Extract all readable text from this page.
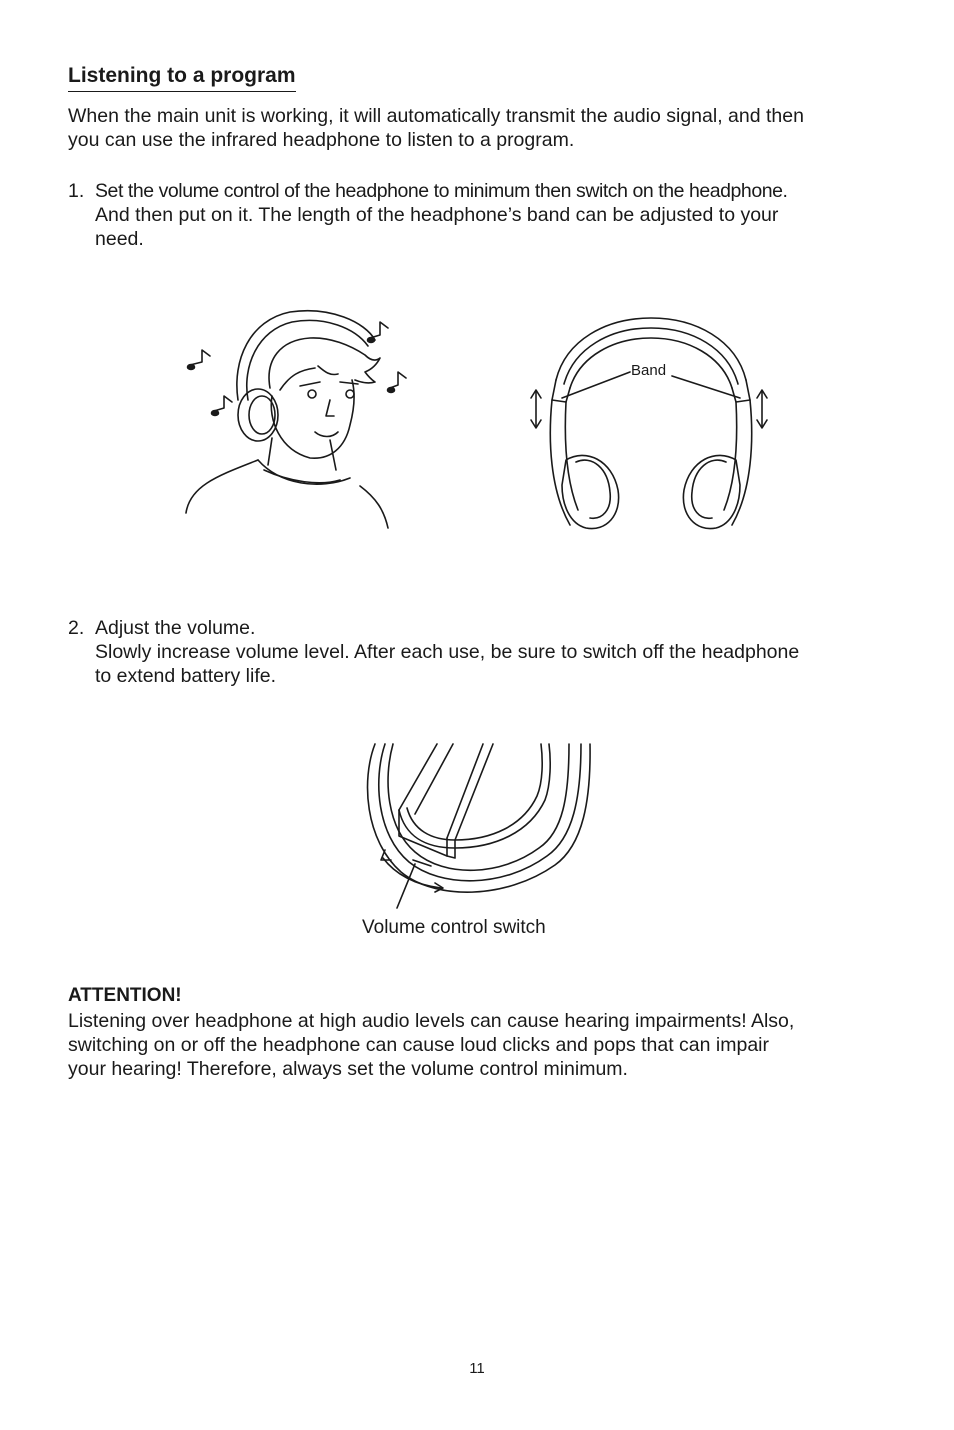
Listening to a program

When the main unit is working, it will automatically transmit the audio signal, and then
you can use the infrared headphone to listen to a program.

1. Set the volume control of the headphone to minimum then switch on the headphone.
And then put on it. The length of the headphone’s band can be adjusted to your
need.
2. Adjust the volume.
Slowly increase volume level. After each use, be sure to switch off the headphone
to extend battery life.
ATTENTION!

Listening over headphone at high audio levels can cause hearing impairments! Also,
switching on or off the headphone can cause loud clicks and pops that can impair
your hearing! Therefore, always set the volume control minimum.

Band
Volume control switch
11
